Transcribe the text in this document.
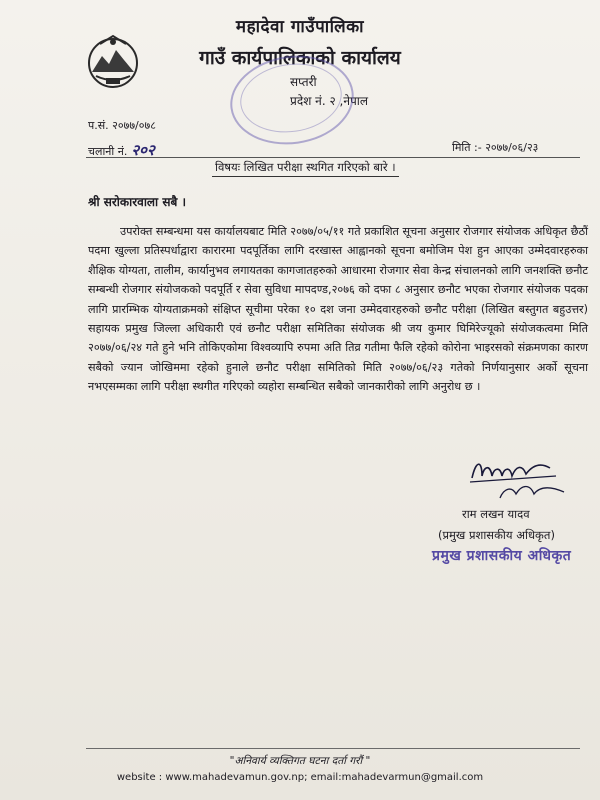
महादेवा गाउँपालिका
गाउँ कार्यपालिकाको कार्यालय
सप्तरी
प्रदेश नं. २ ,नेपाल
प.सं. २०७७/०७८
चलानी नं. २०२	मिति :- २०७७/०६/२३
विषयः लिखित परीक्षा स्थगित गरिएको बारे ।
श्री सरोकारवाला सबै ।
उपरोक्त सम्बन्धमा यस कार्यालयबाट मिति २०७७/०५/११ गते प्रकाशित सूचना अनुसार रोजगार संयोजक अधिकृत छैठौं पदमा खुल्ला प्रतिस्पर्धाद्वारा कारारमा पदपूर्तिका लागि दरखास्त आह्वानको सूचना बमोजिम पेश हुन आएका उम्मेदवारहरुका शैक्षिक योग्यता, तालीम, कार्यानुभव लगायतका कागजातहरुको आधारमा रोजगार सेवा केन्द्र संचालनको लागि जनशक्ति छनौट सम्बन्धी रोजगार संयोजकको पदपूर्ति र सेवा सुविधा मापदण्ड,२०७६ को दफा ८ अनुसार छनौट भएका रोजगार संयोजक पदका लागि प्रारम्भिक योग्यताक्रमको संक्षिप्त सूचीमा परेका १० दश जना उम्मेदवारहरुको छनौट परीक्षा (लिखित बस्तुगत बहुउत्तर) सहायक प्रमुख जिल्ला अधिकारी एवं छनौट परीक्षा समितिका संयोजक श्री जय कुमार घिमिरेज्यूको संयोजकत्वमा मिति २०७७/०६/२४ गते हुने भनि तोकिएकोमा विश्वव्यापि रुपमा अति तिव्र गतीमा फैलि रहेको कोरोना भाइरसको संक्रमणका कारण सबैको ज्यान जोखिममा रहेको हुनाले छनौट परीक्षा समितिको मिति २०७७/०६/२३ गतेको निर्णयानुसार अर्को सूचना नभएसम्मका लागि परीक्षा स्थगीत गरिएको व्यहोरा सम्बन्धित सबैको जानकारीको लागि अनुरोध छ ।
राम लखन यादव
(प्रमुख प्रशासकीय अधिकृत)
प्रमुख प्रशासकीय अधिकृत
"अनिवार्य व्यक्तिगत घटना दर्ता गरौं "
website : www.mahadevamun.gov.np; email:mahadevarmun@gmail.com
